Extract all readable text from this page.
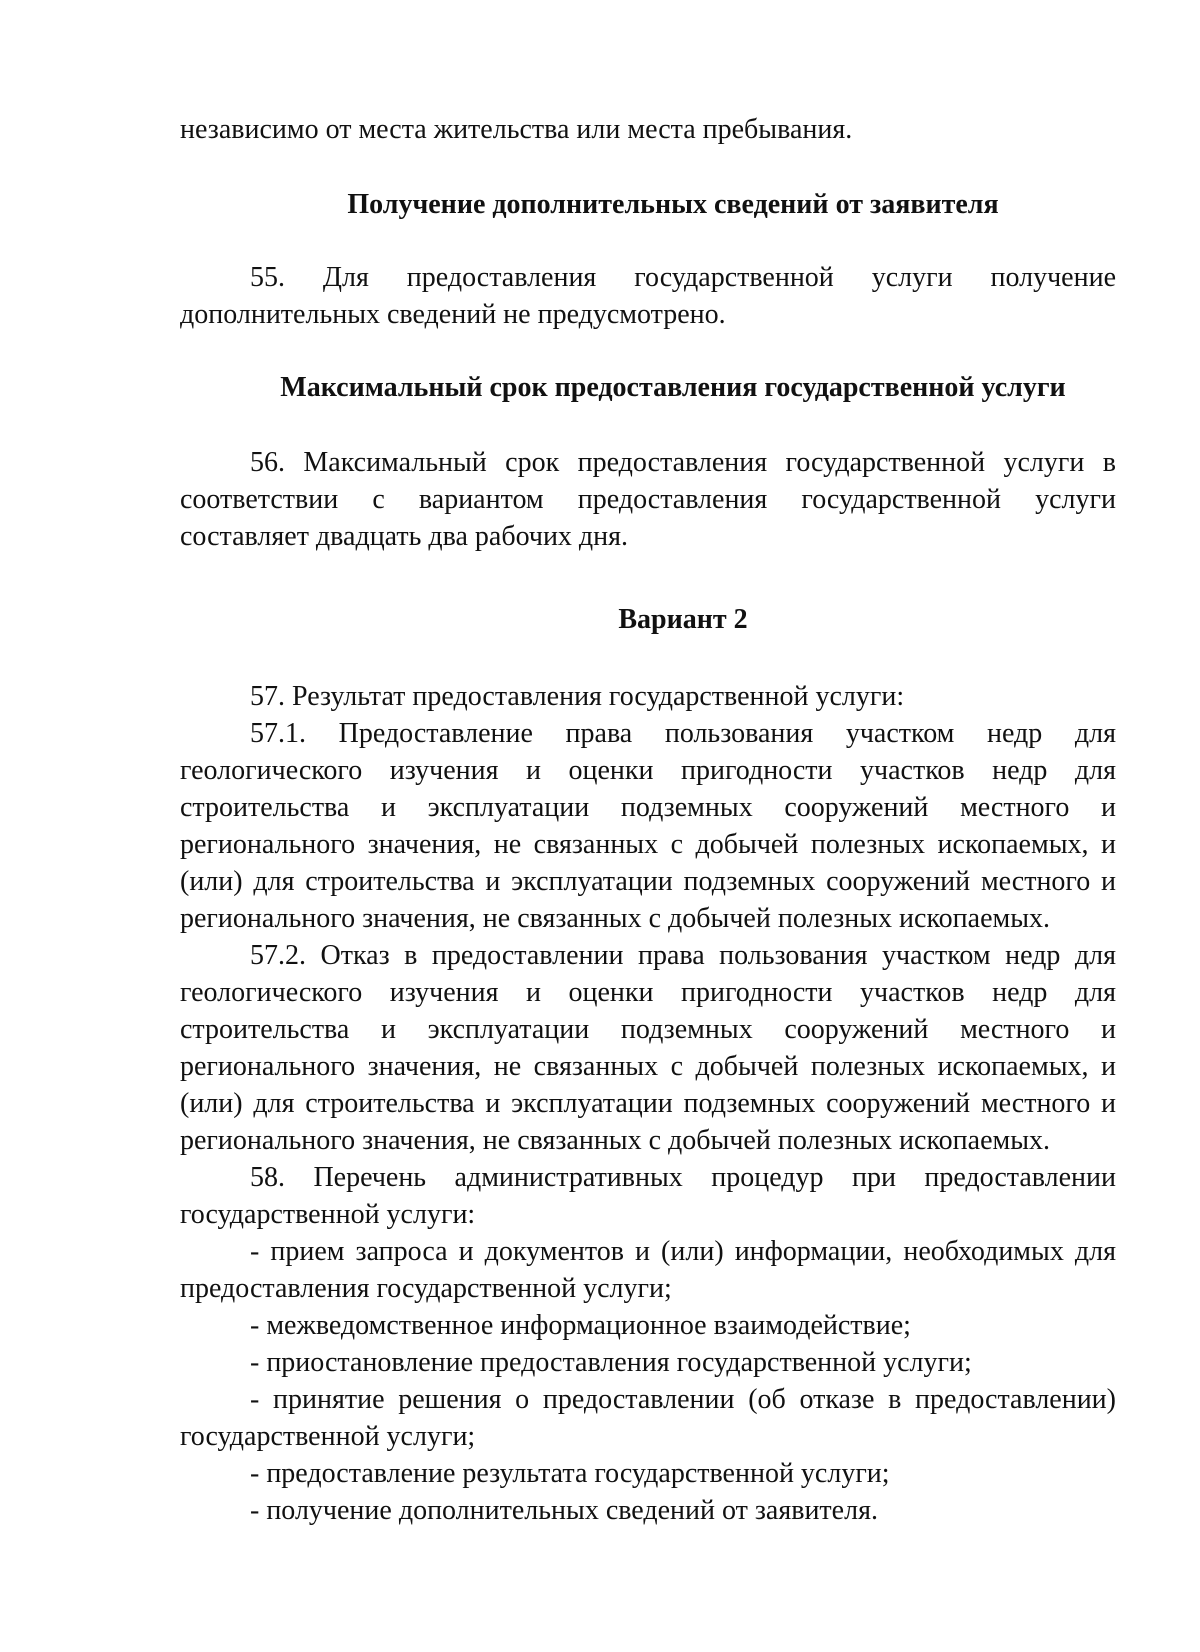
независимо от места жительства или места пребывания.

Получение дополнительных сведений от заявителя

55. Для предоставления государственной услуги получение дополнительных сведений не предусмотрено.

Максимальный срок предоставления государственной услуги

56. Максимальный срок предоставления государственной услуги в соответствии с вариантом предоставления государственной услуги составляет двадцать два рабочих дня.

Вариант 2

57. Результат предоставления государственной услуги:

57.1. Предоставление права пользования участком недр для геологического изучения и оценки пригодности участков недр для строительства и эксплуатации подземных сооружений местного и регионального значения, не связанных с добычей полезных ископаемых, и (или) для строительства и эксплуатации подземных сооружений местного и регионального значения, не связанных с добычей полезных ископаемых.

57.2. Отказ в предоставлении права пользования участком недр для геологического изучения и оценки пригодности участков недр для строительства и эксплуатации подземных сооружений местного и регионального значения, не связанных с добычей полезных ископаемых, и (или) для строительства и эксплуатации подземных сооружений местного и регионального значения, не связанных с добычей полезных ископаемых.

58. Перечень административных процедур при предоставлении государственной услуги:

- прием запроса и документов и (или) информации, необходимых для предоставления государственной услуги;

- межведомственное информационное взаимодействие;

- приостановление предоставления государственной услуги;

- принятие решения о предоставлении (об отказе в предоставлении) государственной услуги;

- предоставление результата государственной услуги;

- получение дополнительных сведений от заявителя.
